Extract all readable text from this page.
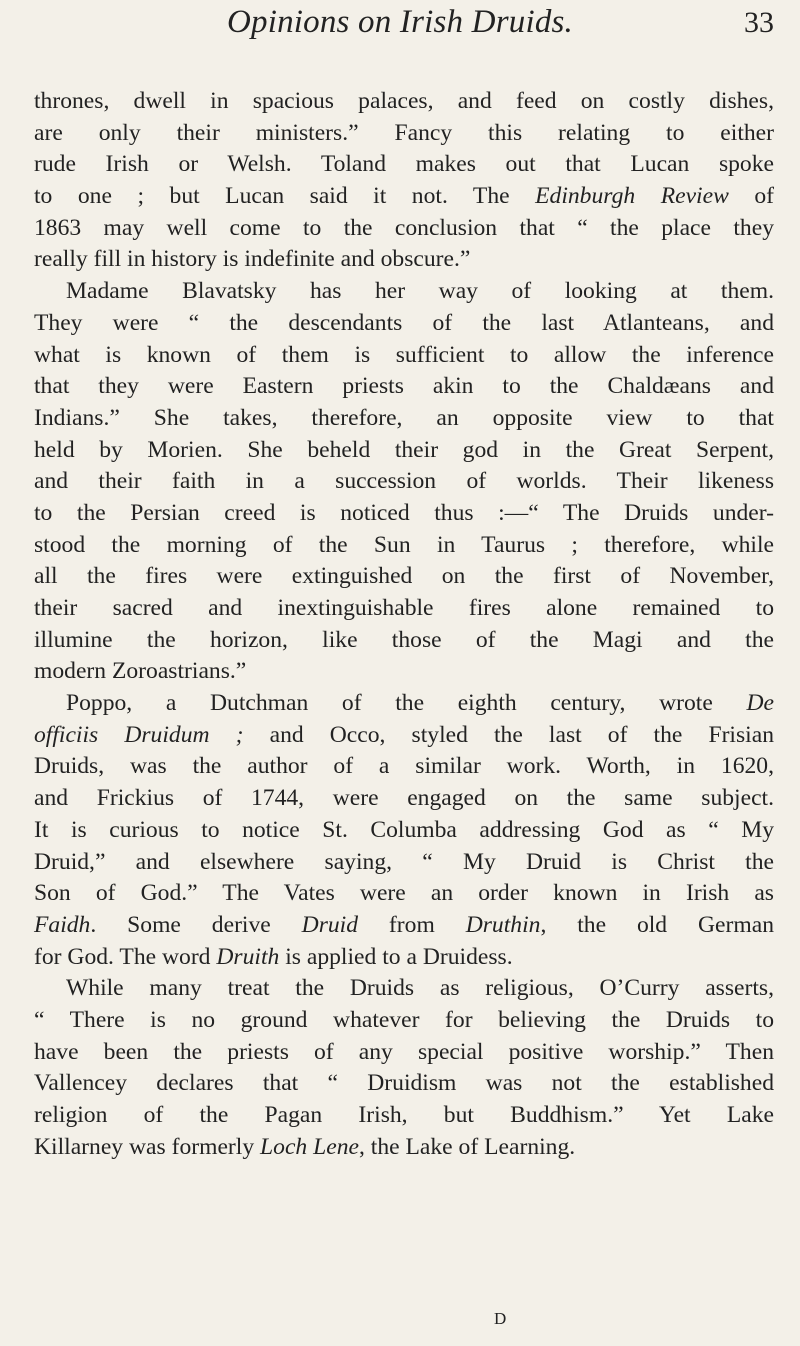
Opinions on Irish Druids.	33
thrones, dwell in spacious palaces, and feed on costly dishes,
are only their ministers.” Fancy this relating to either
rude Irish or Welsh. Toland makes out that Lucan spoke
to one ; but Lucan said it not. The Edinburgh Review of
1863 may well come to the conclusion that “ the place they
really fill in history is indefinite and obscure.”
Madame Blavatsky has her way of looking at them.
They were “ the descendants of the last Atlanteans, and
what is known of them is sufficient to allow the inference
that they were Eastern priests akin to the Chaldæans and
Indians.” She takes, therefore, an opposite view to that
held by Morien. She beheld their god in the Great Serpent,
and their faith in a succession of worlds. Their likeness
to the Persian creed is noticed thus :—“ The Druids under-
stood the morning of the Sun in Taurus ; therefore, while
all the fires were extinguished on the first of November,
their sacred and inextinguishable fires alone remained to
illumine the horizon, like those of the Magi and the
modern Zoroastrians.”
Poppo, a Dutchman of the eighth century, wrote De
officiis Druidum ; and Occo, styled the last of the Frisian
Druids, was the author of a similar work. Worth, in 1620,
and Frickius of 1744, were engaged on the same subject.
It is curious to notice St. Columba addressing God as “ My
Druid,” and elsewhere saying, “ My Druid is Christ the
Son of God.” The Vates were an order known in Irish as
Faidh. Some derive Druid from Druthin, the old German
for God. The word Druith is applied to a Druidess.
While many treat the Druids as religious, O’Curry asserts,
“ There is no ground whatever for believing the Druids to
have been the priests of any special positive worship.” Then
Vallencey declares that “ Druidism was not the established
religion of the Pagan Irish, but Buddhism.” Yet Lake
Killarney was formerly Loch Lene, the Lake of Learning.
D
